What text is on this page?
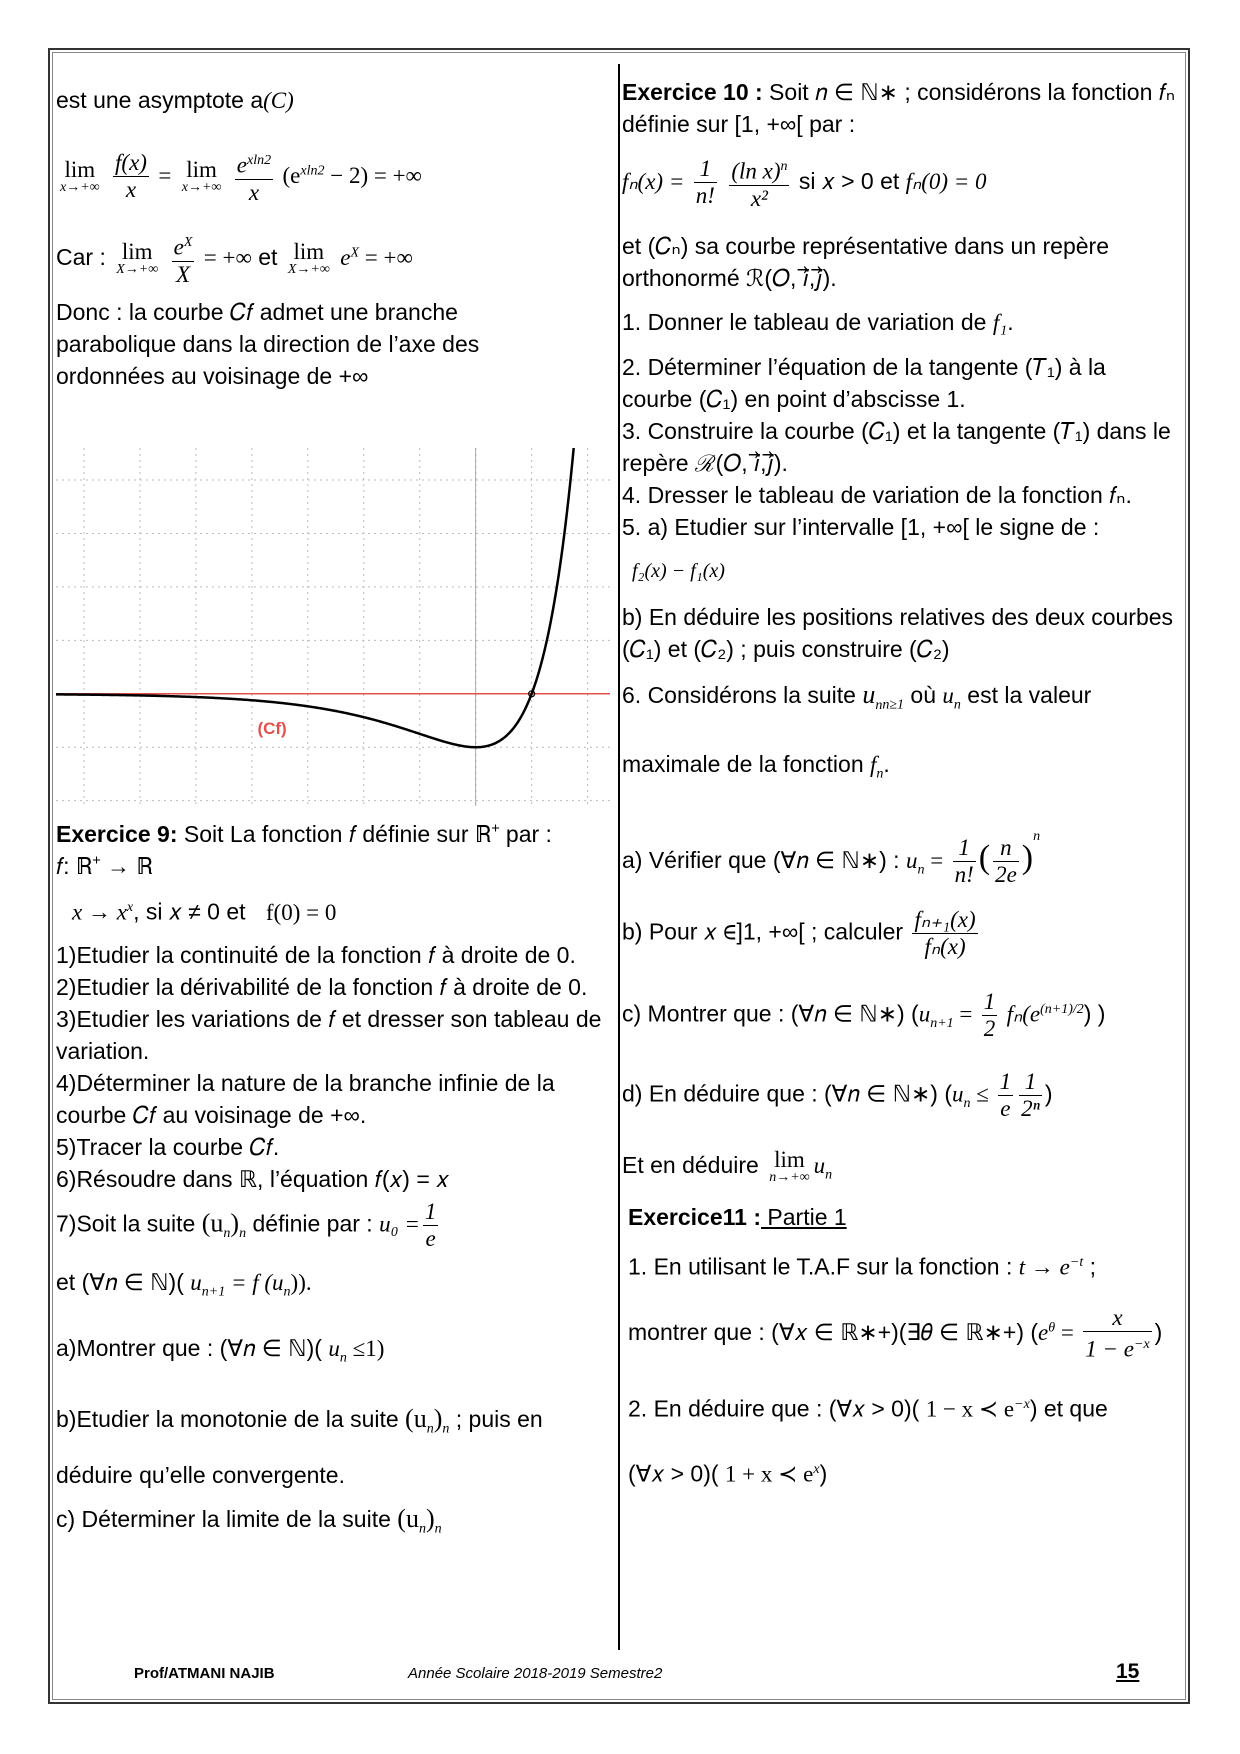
est une asymptote a(C)

lim
x→+∞
$\frac{f(x)}{x} = \lim$
x→+∞
$\frac{e^{xln2}}{x} (e^{xln2} - 2)$ = +∞
Car : lim
X→+∞
$\frac{e^X}{X}$ = +∞ et lim
X→+∞ $e^X$ = +∞

Donc : la courbe 𝐶𝑓 admet une branche parabolique dans la direction de l’axe des ordonnées au voisinage de +∞

(Cf)

Exercice 9: Soit La fonction 𝑓 définie sur ℝ⁺ par :

𝑓: ℝ⁺ → ℝ

$x \to x^x$, si 𝑥 ≠ 0 et f(0) = 0

1)Etudier la continuité de la fonction 𝑓 à droite de 0.

2)Etudier la dérivabilité de la fonction 𝑓 à droite de 0.

3)Etudier les variations de 𝑓 et dresser son tableau de variation.

4)Déterminer la nature de la branche infinie de la courbe 𝐶𝑓 au voisinage de +∞.

5)Tracer la courbe 𝐶𝑓.

6)Résoudre dans ℝ, l’équation 𝑓(𝑥) = 𝑥

7)Soit la suite $(u_n)_n$ définie par : $u_0 = \frac{1}{e}$

et (∀𝑛 ∈ ℕ)( $u_{n+1} = f$ $(u_n)$).

a)Montrer que : (∀𝑛 ∈ ℕ)( $u_n \le 1$)

b)Etudier la monotonie de la suite $(u_n)_n$ ; puis en

déduire qu’elle convergente.

c) Déterminer la limite de la suite $(u_n)_n$

Exercice 10 : Soit 𝑛 ∈ ℕ∗ ; considérons la fonction 𝑓ₙ définie sur [1, +∞[ par :

$f_n(x) = \frac{1}{n!}$
$\frac{(\ln x)^n}{\text{x²}}$ si 𝑥 > 0 et fₙ(0) = 0

et (𝐶ₙ) sa courbe représentative dans un repère orthonormé ℛ(𝑂, 𝑖⃗,𝑗⃗).

1. Donner le tableau de variation de f₁.

2. Déterminer l’équation de la tangente (𝑇₁) à la courbe (𝐶₁) en point d’abscisse 1.

3. Construire la courbe (𝐶₁) et la tangente (𝑇₁) dans le repère ℛ(𝑂, 𝑖⃗,𝑗⃗).

4. Dresser le tableau de variation de la fonction 𝑓ₙ.

5. a) Etudier sur l’intervalle [1, +∞[ le signe de :

f₂(x) − f₁(x)

b) En déduire les positions relatives des deux courbes (𝐶₁) et (𝐶₂) ; puis construire (𝐶₂)

6. Considérons la suite $u_{nn\ge 1}$ où $u_n$ est la valeur

maximale de la fonction $f_n$.

a) Vérifier que (∀𝑛 ∈ ℕ∗) : $u_n = \frac{1}{n!}$ ( $\frac{n}{2e} )^n$
b) Pour 𝑥 ∈]1, +∞[ ; calculer $\frac{\text{fₙ₊₁(x)}}{\text{fₙ(x)}}$
c) Montrer que : (∀𝑛 ∈ ℕ∗) ($u_{n+1} = \frac{1}{2} f_n(e^{(n+1)/2})$ )
d) En déduire que : (∀𝑛 ∈ ℕ∗) ($u_n \le \frac{1}{e} \frac{1}{\text{2ⁿ}}$ )
Et en déduire lim
n→+∞ $u_n$

Exercice11 : Partie 1

1. En utilisant le T.A.F sur la fonction : $t \to e^{-t}$ ;

montrer que : (∀𝑥 ∈ ℝ∗+)(∃𝜃 ∈ ℝ∗+) ($e^\theta = \frac{x}{1 - e^{-x}}$ )

2. En déduire que : (∀𝑥 > 0)( 1 − x ≺ $e^{-x}$) et que

(∀𝑥 > 0)( 1 + x ≺ $e^x$)

Prof/ATMANI NAJIB	Année Scolaire 2018-2019 Semestre2	15
